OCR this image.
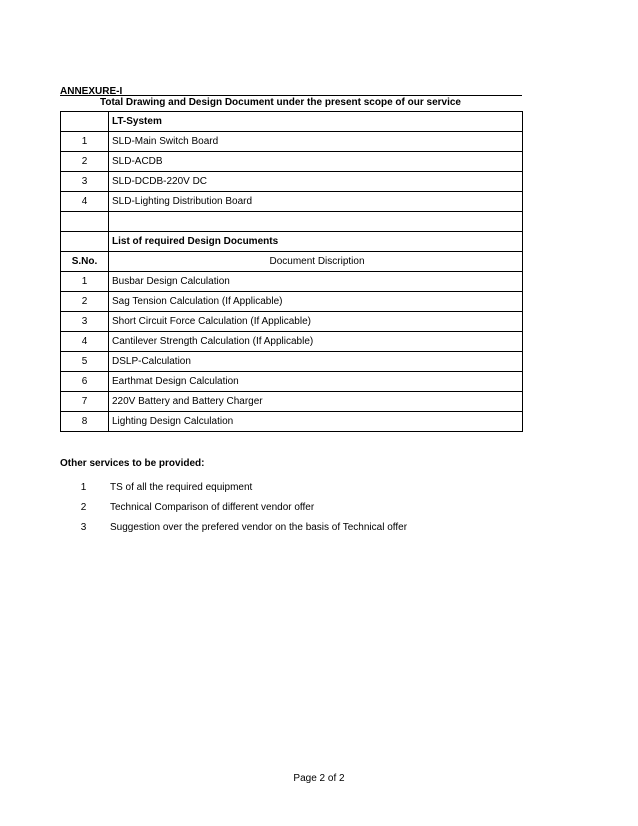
ANNEXURE-I
Total Drawing and Design Document under the present scope of our service
	LT-System
1	SLD-Main Switch Board
2	SLD-ACDB
3	SLD-DCDB-220V DC
4	SLD-Lighting Distribution Board

	List of required Design Documents
S.No.	Document Discription
1	Busbar Design Calculation
2	Sag Tension Calculation (If Applicable)
3	Short Circuit Force Calculation (If Applicable)
4	Cantilever Strength Calculation (If Applicable)
5	DSLP-Calculation
6	Earthmat Design Calculation
7	220V Battery and Battery Charger
8	Lighting Design Calculation
Other services to be provided:
1	TS of all the required equipment
2	Technical Comparison of different vendor offer
3	Suggestion over the prefered vendor on the basis of Technical offer
Page 2 of 2
